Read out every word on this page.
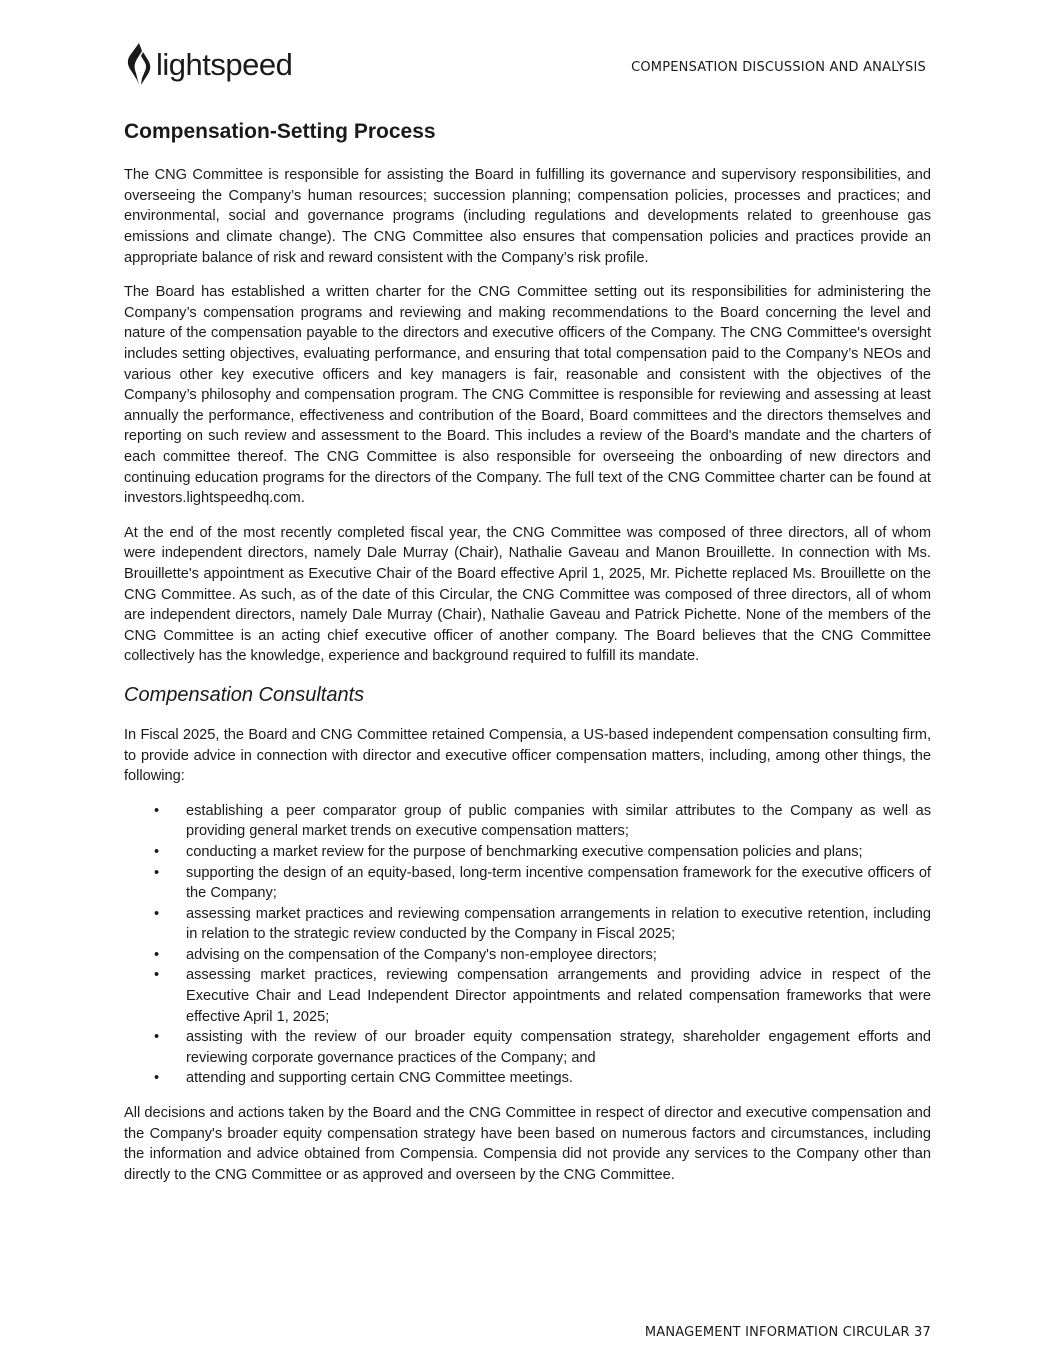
lightspeed	COMPENSATION DISCUSSION AND ANALYSIS
Compensation-Setting Process

The CNG Committee is responsible for assisting the Board in fulfilling its governance and supervisory responsibilities, and overseeing the Company’s human resources; succession planning; compensation policies, processes and practices; and environmental, social and governance programs (including regulations and developments related to greenhouse gas emissions and climate change). The CNG Committee also ensures that compensation policies and practices provide an appropriate balance of risk and reward consistent with the Company’s risk profile.

The Board has established a written charter for the CNG Committee setting out its responsibilities for administering the Company’s compensation programs and reviewing and making recommendations to the Board concerning the level and nature of the compensation payable to the directors and executive officers of the Company. The CNG Committee's oversight includes setting objectives, evaluating performance, and ensuring that total compensation paid to the Company’s NEOs and various other key executive officers and key managers is fair, reasonable and consistent with the objectives of the Company’s philosophy and compensation program. The CNG Committee is responsible for reviewing and assessing at least annually the performance, effectiveness and contribution of the Board, Board committees and the directors themselves and reporting on such review and assessment to the Board. This includes a review of the Board's mandate and the charters of each committee thereof. The CNG Committee is also responsible for overseeing the onboarding of new directors and continuing education programs for the directors of the Company. The full text of the CNG Committee charter can be found at investors.lightspeedhq.com.

At the end of the most recently completed fiscal year, the CNG Committee was composed of three directors, all of whom were independent directors, namely Dale Murray (Chair), Nathalie Gaveau and Manon Brouillette. In connection with Ms. Brouillette's appointment as Executive Chair of the Board effective April 1, 2025, Mr. Pichette replaced Ms. Brouillette on the CNG Committee. As such, as of the date of this Circular, the CNG Committee was composed of three directors, all of whom are independent directors, namely Dale Murray (Chair), Nathalie Gaveau and Patrick Pichette. None of the members of the CNG Committee is an acting chief executive officer of another company. The Board believes that the CNG Committee collectively has the knowledge, experience and background required to fulfill its mandate.

Compensation Consultants

In Fiscal 2025, the Board and CNG Committee retained Compensia, a US-based independent compensation consulting firm, to provide advice in connection with director and executive officer compensation matters, including, among other things, the following:

•	establishing a peer comparator group of public companies with similar attributes to the Company as well as providing general market trends on executive compensation matters;
•	conducting a market review for the purpose of benchmarking executive compensation policies and plans;
•	supporting the design of an equity-based, long-term incentive compensation framework for the executive officers of the Company;
•	assessing market practices and reviewing compensation arrangements in relation to executive retention, including in relation to the strategic review conducted by the Company in Fiscal 2025;
•	advising on the compensation of the Company's non-employee directors;
•	assessing market practices, reviewing compensation arrangements and providing advice in respect of the Executive Chair and Lead Independent Director appointments and related compensation frameworks that were effective April 1, 2025;
•	assisting with the review of our broader equity compensation strategy, shareholder engagement efforts and reviewing corporate governance practices of the Company; and
•	attending and supporting certain CNG Committee meetings.

All decisions and actions taken by the Board and the CNG Committee in respect of director and executive compensation and the Company's broader equity compensation strategy have been based on numerous factors and circumstances, including the information and advice obtained from Compensia. Compensia did not provide any services to the Company other than directly to the CNG Committee or as approved and overseen by the CNG Committee.

MANAGEMENT INFORMATION CIRCULAR 37
